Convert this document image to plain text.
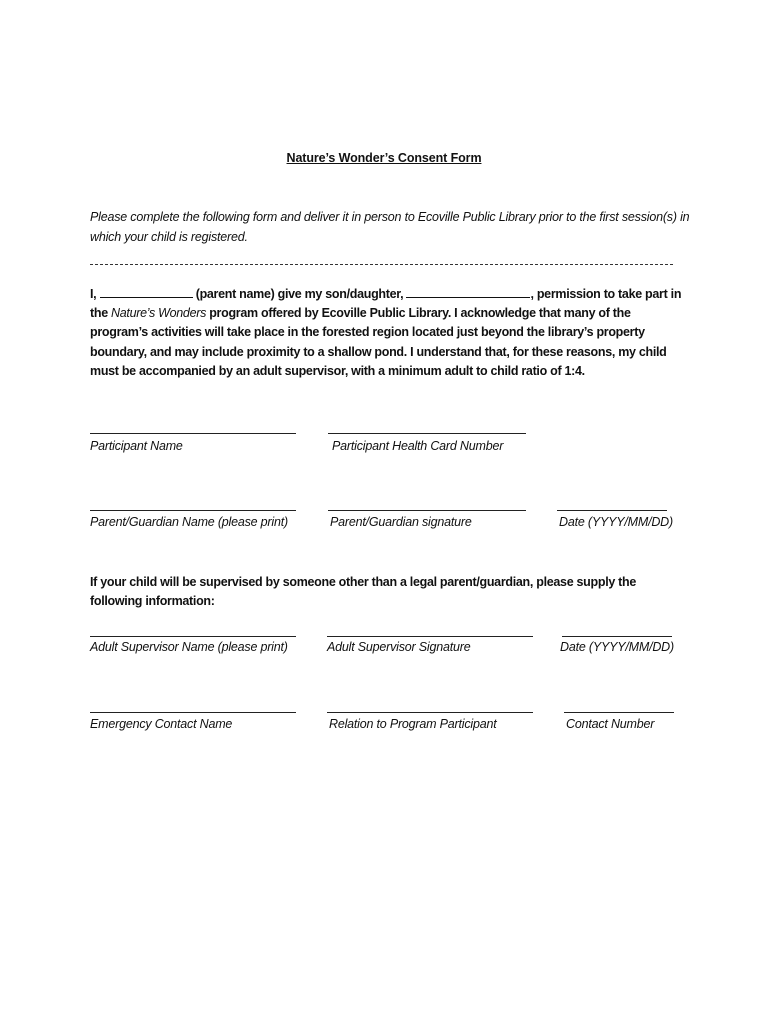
Nature’s Wonder’s Consent Form
Please complete the following form and deliver it in person to Ecoville Public Library prior to the first session(s) in which your child is registered.
I,	(parent name) give my son/daughter,	, permission to take part in the Nature’s Wonders program offered by Ecoville Public Library. I acknowledge that many of the program’s activities will take place in the forested region located just beyond the library’s property boundary, and may include proximity to a shallow pond. I understand that, for these reasons, my child must be accompanied by an adult supervisor, with a minimum adult to child ratio of 1:4.
Participant Name	Participant Health Card Number
Parent/Guardian Name (please print)	Parent/Guardian signature	Date (YYYY/MM/DD)
If your child will be supervised by someone other than a legal parent/guardian, please supply the following information:
Adult Supervisor Name (please print)	Adult Supervisor Signature	Date (YYYY/MM/DD)
Emergency Contact Name	Relation to Program Participant	Contact Number
